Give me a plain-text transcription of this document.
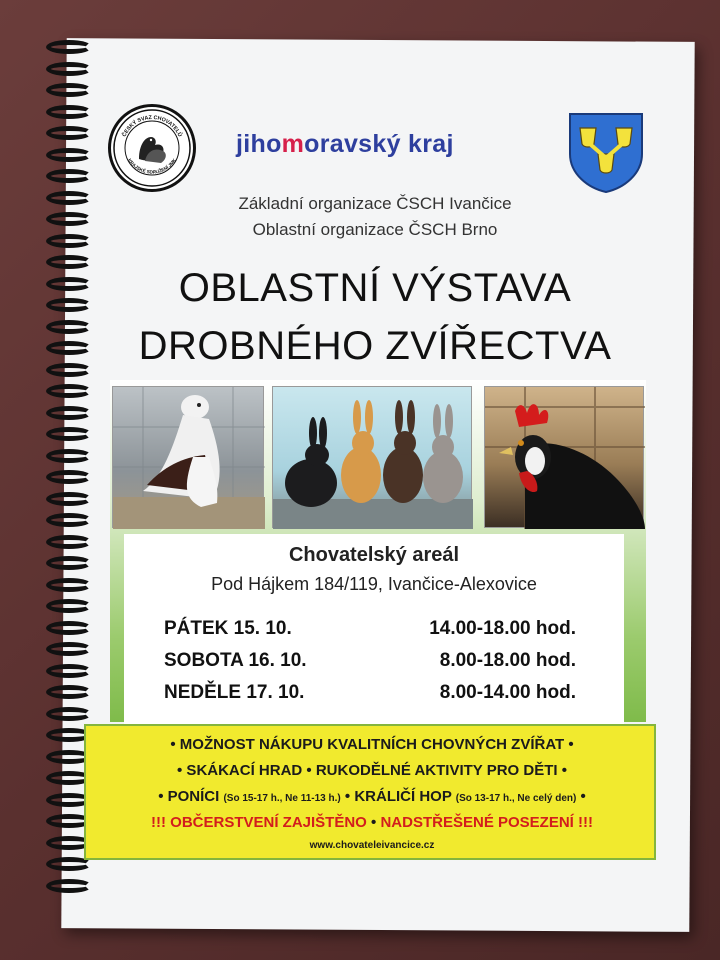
ČESKÝ SVAZ CHOVATELŮ
KRAJSKÉ SDRUŽENÍ JMK
jihomoravský kraj
Základní organizace ČSCH Ivančice
Oblastní organizace ČSCH Brno
OBLASTNÍ VÝSTAVA
DROBNÉHO ZVÍŘECTVA
Chovatelský areál
Pod Hájkem 184/119, Ivančice-Alexovice
PÁTEK 15. 10.	14.00-18.00 hod.
SOBOTA 16. 10.	8.00-18.00 hod.
NEDĚLE 17. 10.	8.00-14.00 hod.
• MOŽNOST NÁKUPU KVALITNÍCH CHOVNÝCH ZVÍŘAT •
• SKÁKACÍ HRAD • RUKODĚLNÉ AKTIVITY PRO DĚTI •
• PONÍCI (So 15-17 h., Ne 11-13 h.) • KRÁLIČÍ HOP (So 13-17 h., Ne celý den) •
!!! OBČERSTVENÍ ZAJIŠTĚNO • NADSTŘEŠENÉ POSEZENÍ !!!
www.chovateleivancice.cz
